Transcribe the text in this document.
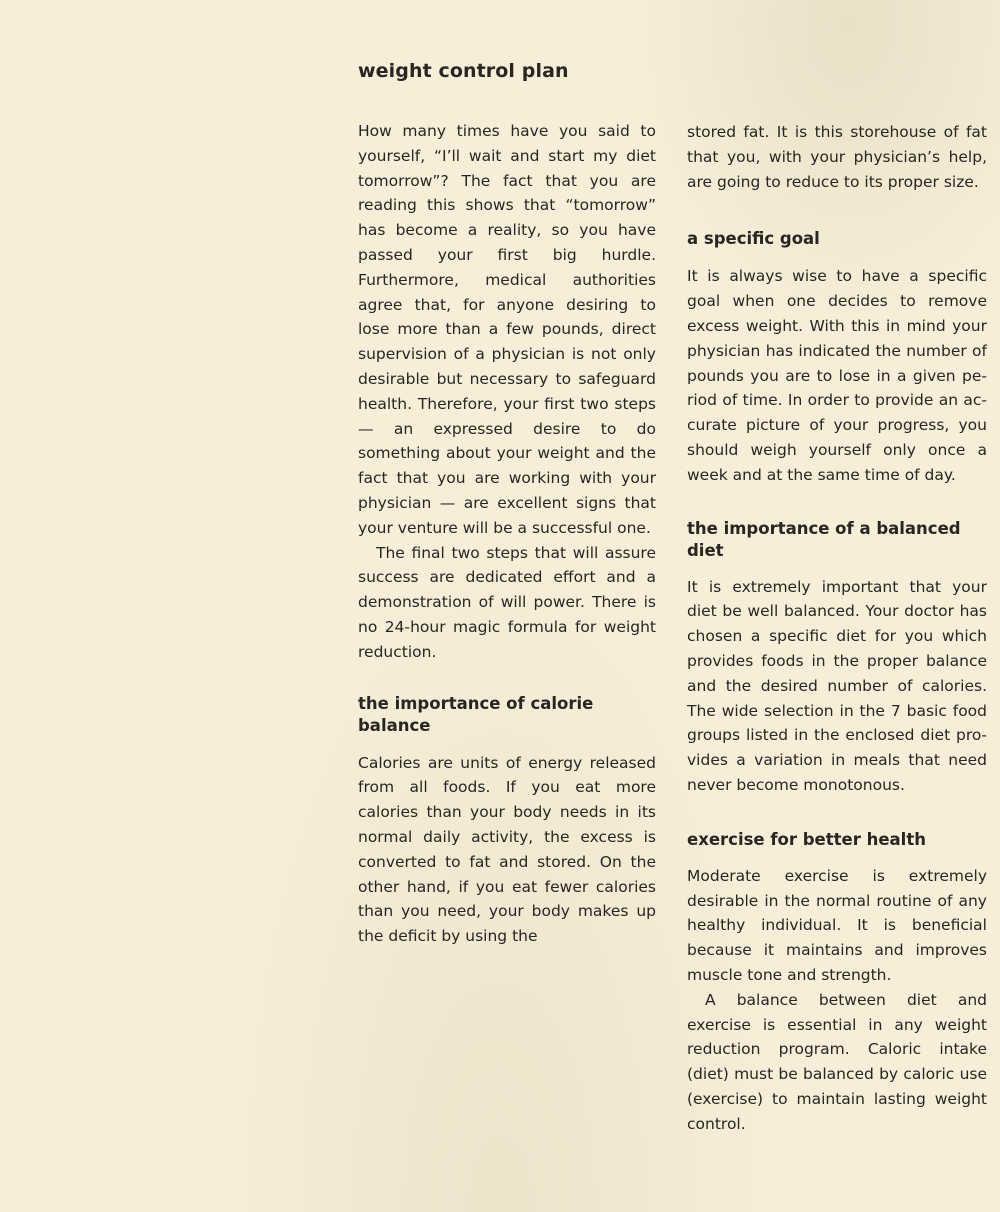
weight control plan

How many times have you said to yourself, “I’ll wait and start my diet tomorrow”? The fact that you are reading this shows that “tomorrow” has become a reality, so you have passed your first big hurdle. Furthermore, medical authorities agree that, for anyone desiring to lose more than a few pounds, direct supervision of a physician is not only desirable but necessary to safeguard health. Therefore, your first two steps— an expressed desire to do something about your weight and the fact that you are working with your physician — are excellent signs that your venture will be a successful one.

The final two steps that will assure success are dedicated effort and a demonstration of will power. There is no 24-hour magic formula for weight reduction.

the importance of calorie balance

Calories are units of energy released from all foods. If you eat more calories than your body needs in its normal daily activity, the excess is converted to fat and stored. On the other hand, if you eat fewer calories than you need, your body makes up the deficit by using the

stored fat. It is this storehouse of fat that you, with your physician’s help, are going to reduce to its proper size.

a specific goal

It is always wise to have a specific goal when one decides to remove excess weight. With this in mind your physician has indicated the number of pounds you are to lose in a given period of time. In order to provide an accurate picture of your progress, you should weigh yourself only once a week and at the same time of day.

the importance of a balanced diet

It is extremely important that your diet be well balanced. Your doctor has chosen a specific diet for you which provides foods in the proper balance and the desired number of calories. The wide selection in the 7 basic food groups listed in the enclosed diet provides a variation in meals that need never become monotonous.

exercise for better health

Moderate exercise is extremely desirable in the normal routine of any healthy individual. It is beneficial because it maintains and improves muscle tone and strength.

A balance between diet and exercise is essential in any weight reduction program. Caloric intake (diet) must be balanced by caloric use (exercise) to maintain lasting weight control.
